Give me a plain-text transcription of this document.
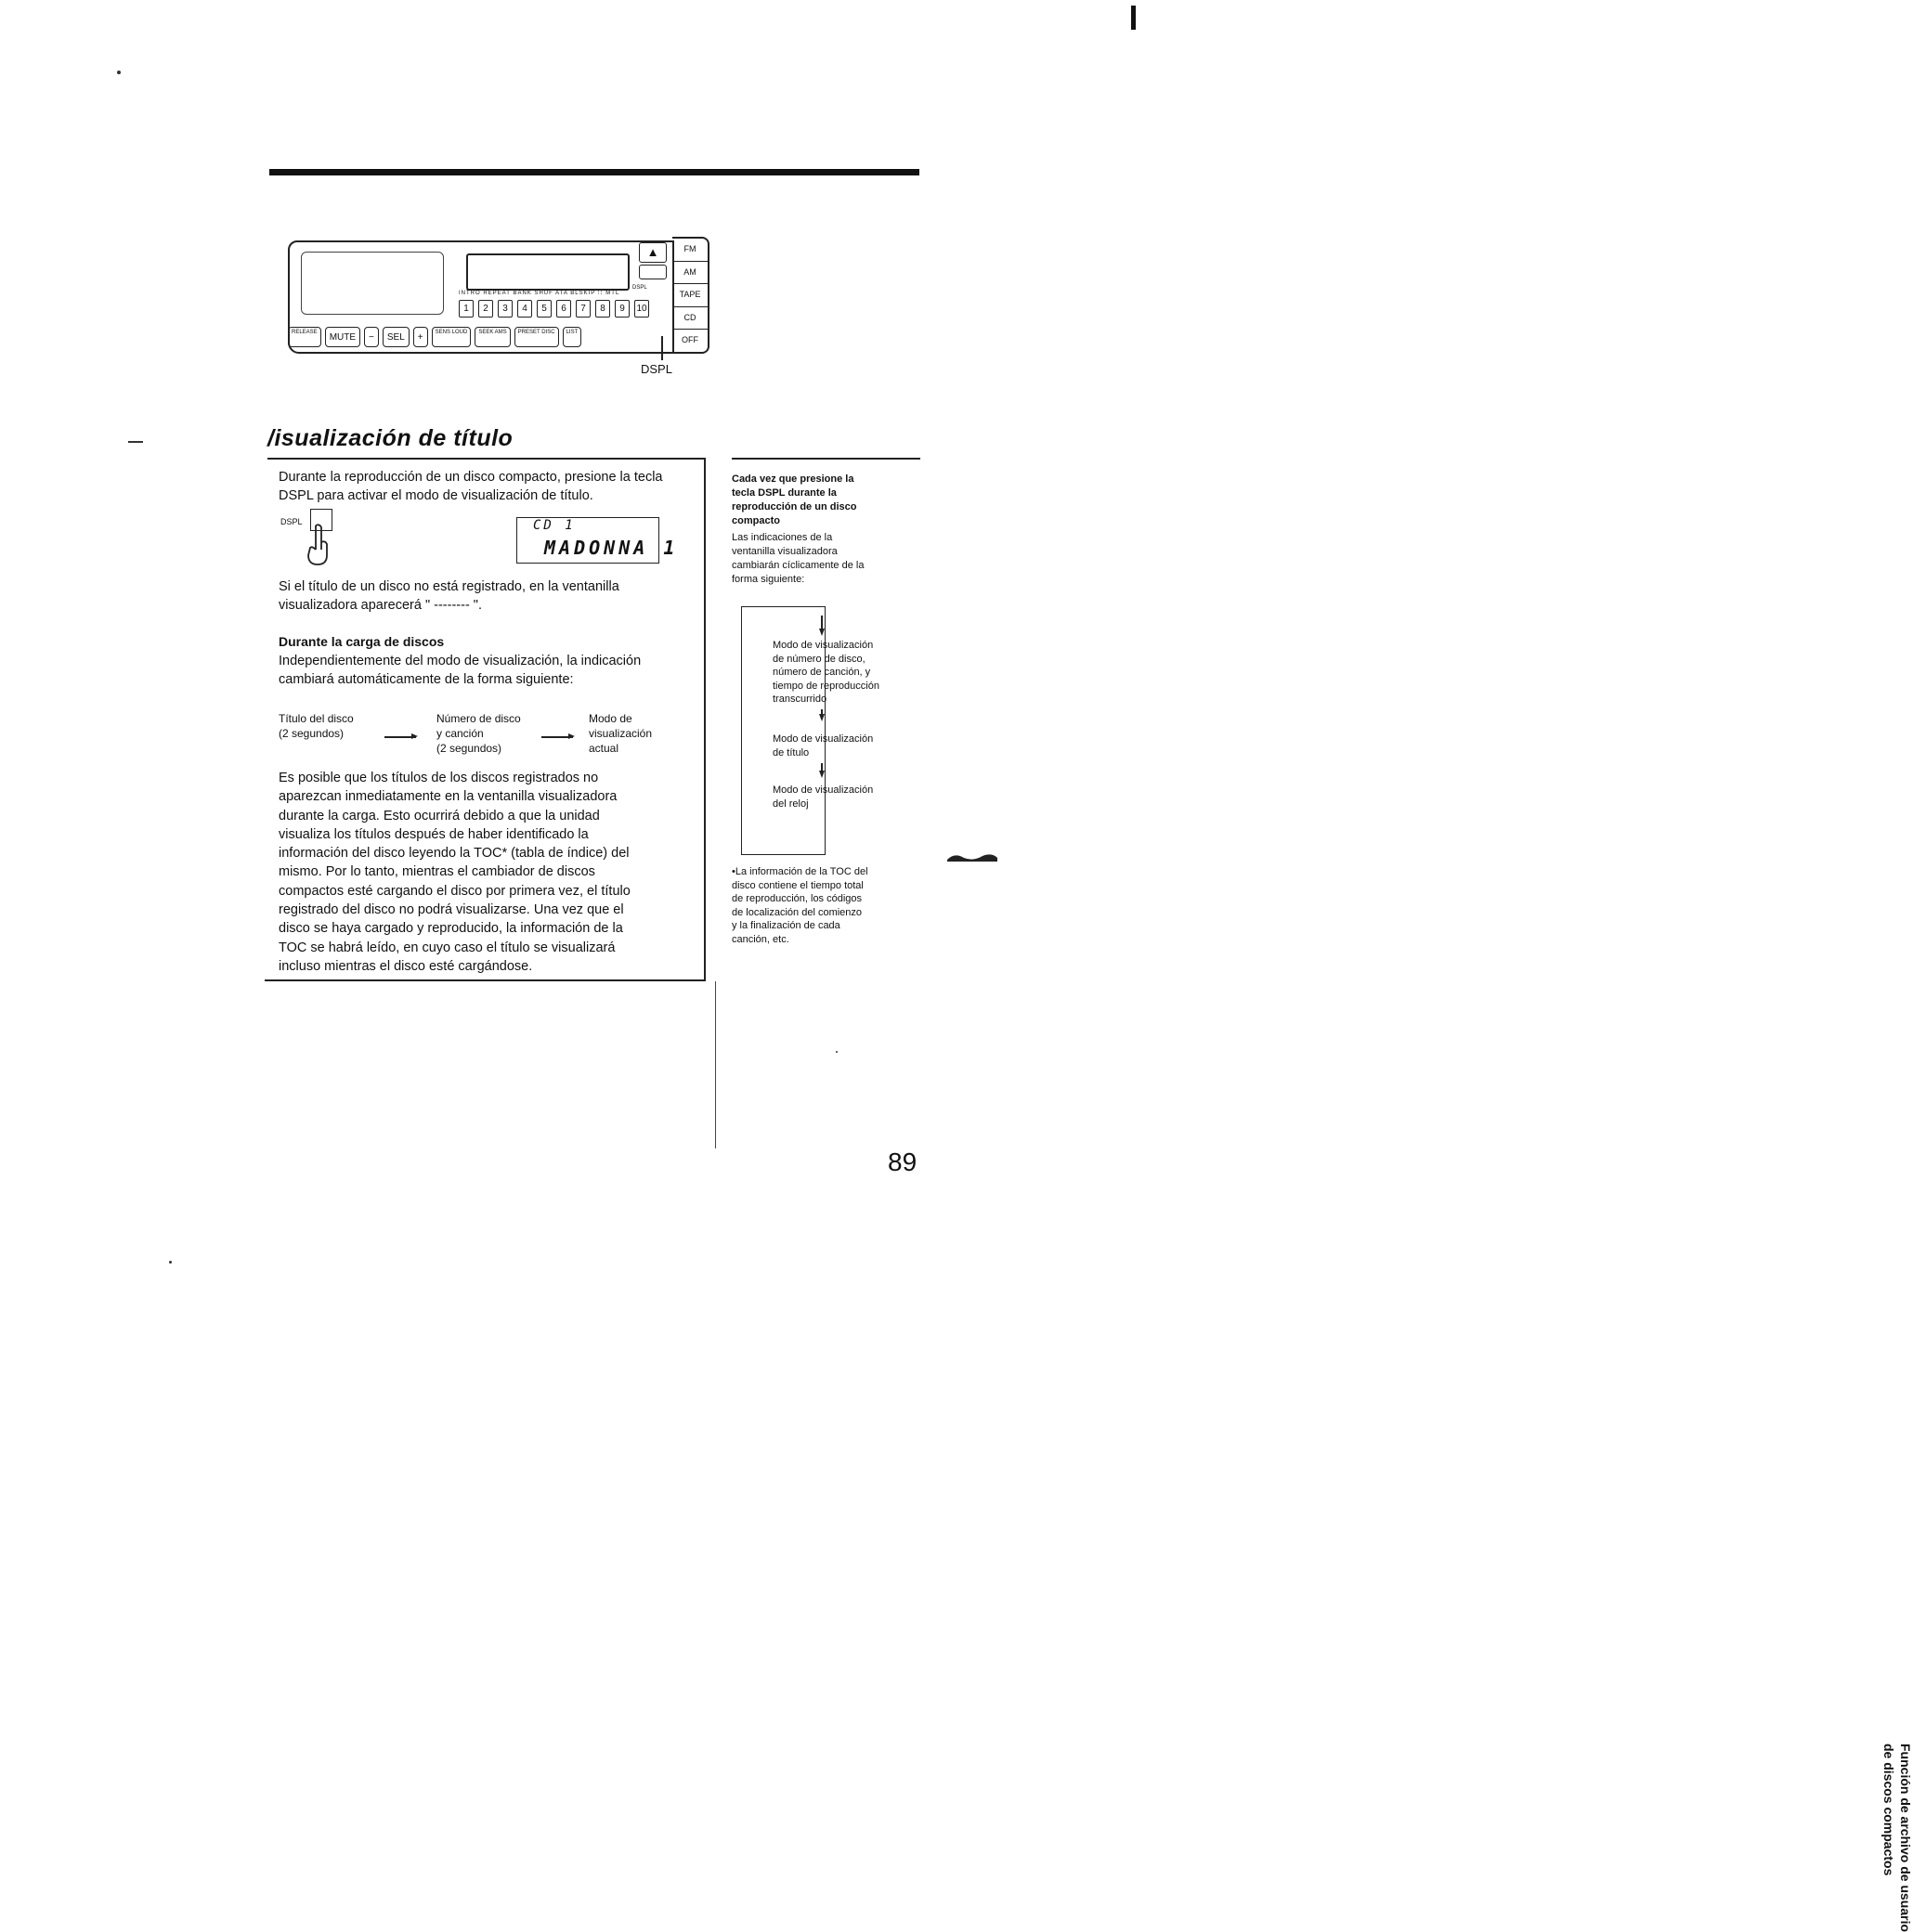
▲
INTRO REPEAT BANK SHUF ATA BLSKIP ⁝⁝ MTL
DSPL
1	2	3	4	5	6	7	8	9	10
RELEASE	MUTE	−	SEL	+	SENS LOUD	SEEK AMS	PRESET DISC	LIST
FM
AM
TAPE
CD
OFF
DSPL
/isualización de título
Durante la reproducción de un disco compacto, presione la tecla DSPL para activar el modo de visualización de título.
DSPL	CD 1
MADONNA 1
Si el título de un disco no está registrado, en la ventanilla visualizadora aparecerá " -------- ".
Durante la carga de discos
Independientemente del modo de visualización, la indicación cambiará automáticamente de la forma siguiente:
Título del disco
(2 segundos)
Número de disco
y canción
(2 segundos)
Modo de
visualización
actual
Es posible que los títulos de los discos registrados no
aparezcan inmediatamente en la ventanilla visualizadora
durante la carga. Esto ocurrirá debido a que la unidad
visualiza los títulos después de haber identificado la
información del disco leyendo la TOC* (tabla de índice) del
mismo. Por lo tanto, mientras el cambiador de discos
compactos esté cargando el disco por primera vez, el título
registrado del disco no podrá visualizarse. Una vez que el
disco se haya cargado y reproducido, la información de la
TOC se habrá leído, en cuyo caso el título se visualizará
incluso mientras el disco esté cargándose.
Cada vez que presione la
tecla DSPL durante la
reproducción de un disco
compacto
Las indicaciones de la
ventanilla visualizadora
cambiarán cíclicamente de la
forma siguiente:
Modo de visualización
de número de disco,
número de canción, y
tiempo de reproducción
transcurrido
Modo de visualización
de título
Modo de visualización
del reloj
•La información de la TOC del
disco contiene el tiempo total
de reproducción, los códigos
de localización del comienzo
y la finalización de cada
canción, etc.
Función de archivo de usuario
de discos compactos
89
